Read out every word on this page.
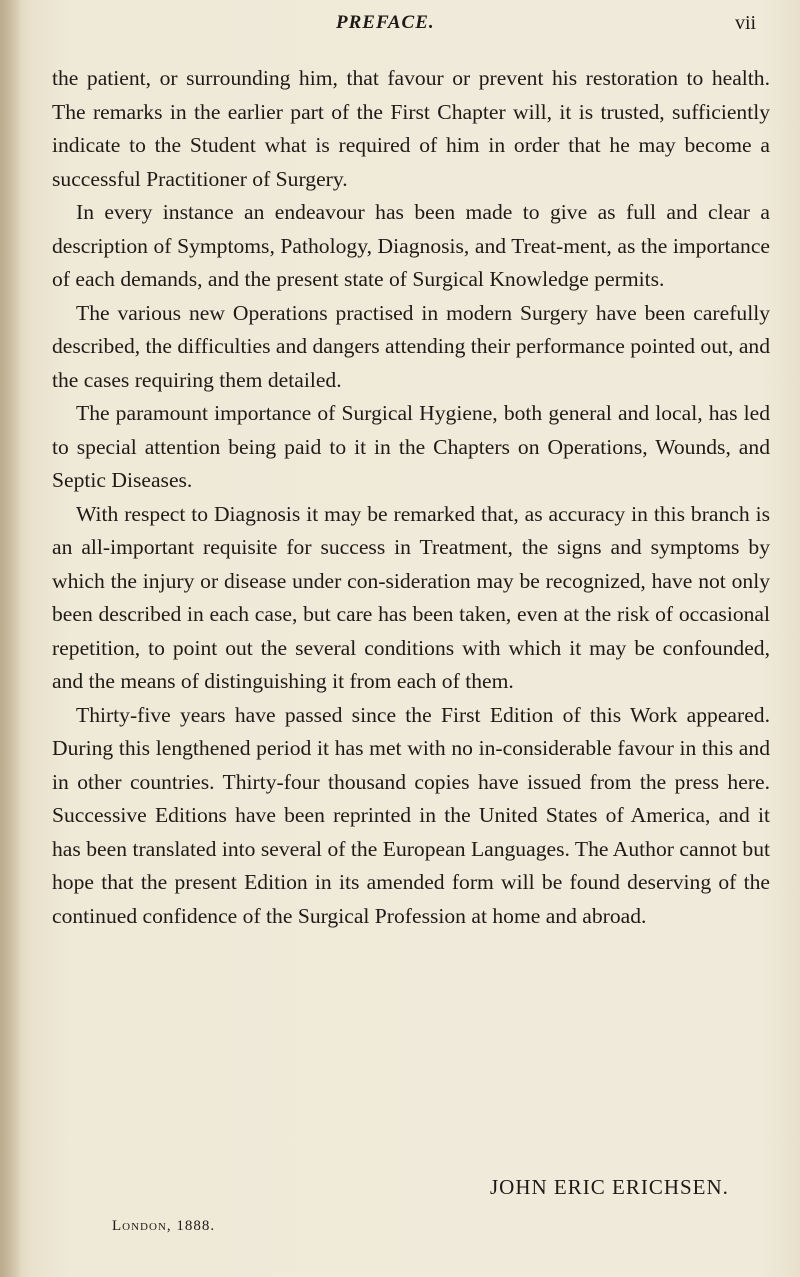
PREFACE.	vii

the patient, or surrounding him, that favour or prevent his restoration to health. The remarks in the earlier part of the First Chapter will, it is trusted, sufficiently indicate to the Student what is required of him in order that he may become a successful Practitioner of Surgery.

In every instance an endeavour has been made to give as full and clear a description of Symptoms, Pathology, Diagnosis, and Treat-ment, as the importance of each demands, and the present state of Surgical Knowledge permits.

The various new Operations practised in modern Surgery have been carefully described, the difficulties and dangers attending their performance pointed out, and the cases requiring them detailed.

The paramount importance of Surgical Hygiene, both general and local, has led to special attention being paid to it in the Chapters on Operations, Wounds, and Septic Diseases.

With respect to Diagnosis it may be remarked that, as accuracy in this branch is an all-important requisite for success in Treatment, the signs and symptoms by which the injury or disease under con-sideration may be recognized, have not only been described in each case, but care has been taken, even at the risk of occasional repetition, to point out the several conditions with which it may be confounded, and the means of distinguishing it from each of them.

Thirty-five years have passed since the First Edition of this Work appeared. During this lengthened period it has met with no in-considerable favour in this and in other countries. Thirty-four thousand copies have issued from the press here. Successive Editions have been reprinted in the United States of America, and it has been translated into several of the European Languages. The Author cannot but hope that the present Edition in its amended form will be found deserving of the continued confidence of the Surgical Profession at home and abroad.

JOHN ERIC ERICHSEN.
London, 1888.
